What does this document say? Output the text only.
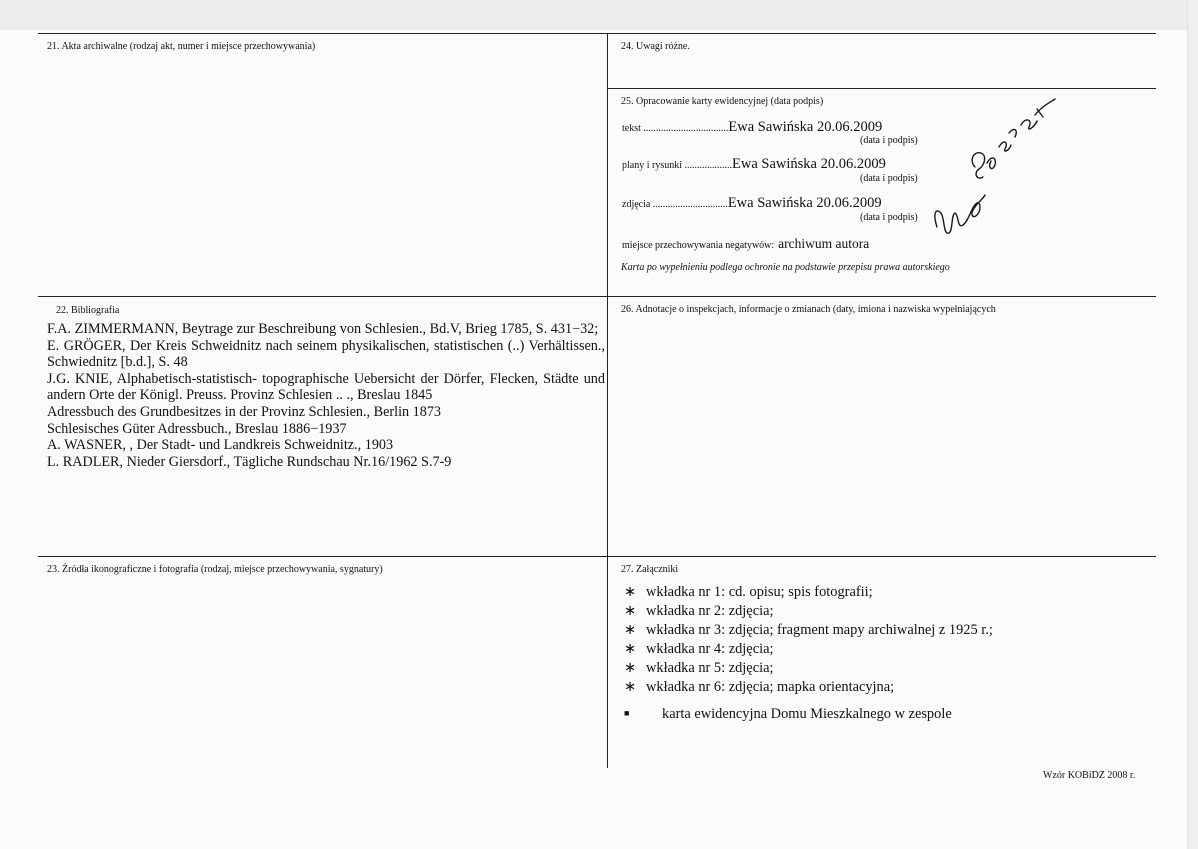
21. Akta archiwalne (rodzaj akt, numer i miejsce przechowywania)	24. Uwagi różne.
25. Opracowanie karty ewidencyjnej (data podpis)
tekst ..................................Ewa Sawińska 20.06.2009
(data i podpis)
plany i rysunki ...................Ewa Sawińska 20.06.2009
(data i podpis)
zdjęcia ..............................Ewa Sawińska 20.06.2009
(data i podpis)
miejsce przechowywania negatywów: archiwum autora
Karta po wypełnieniu podlega ochronie na podstawie przepisu prawa autorskiego
22. Bibliografia
F.A. ZIMMERMANN, Beytrage zur Beschreibung von Schlesien., Bd.V, Brieg 1785, S. 431−32;
E. GRÖGER, Der Kreis Schweidnitz nach seinem physikalischen, statistischen (..) Verhältissen., Schwiednitz [b.d.], S. 48
J.G. KNIE, Alphabetisch-statistisch- topographische Uebersicht der Dörfer, Flecken, Städte und andern Orte der Königl. Preuss. Provinz Schlesien .. ., Breslau 1845
Adressbuch des Grundbesitzes in der Provinz Schlesien., Berlin 1873
Schlesisches Güter Adressbuch., Breslau 1886−1937
A. WASNER, , Der Stadt- und Landkreis Schweidnitz., 1903
L. RADLER, Nieder Giersdorf., Tägliche Rundschau Nr.16/1962 S.7-9
26. Adnotacje o inspekcjach, informacje o zmianach (daty, imiona i nazwiska wypełniających
23. Źródła ikonograficzne i fotografia (rodzaj, miejsce przechowywania, sygnatury)	27. Załączniki
∗ wkładka nr 1: cd. opisu; spis fotografii;
∗ wkładka nr 2: zdjęcia;
∗ wkładka nr 3: zdjęcia; fragment mapy archiwalnej z 1925 r.;
∗ wkładka nr 4: zdjęcia;
∗ wkładka nr 5: zdjęcia;
∗ wkładka nr 6: zdjęcia; mapka orientacyjna;
■ karta ewidencyjna Domu Mieszkalnego w zespole
Wzór KOBiDZ 2008 r.
